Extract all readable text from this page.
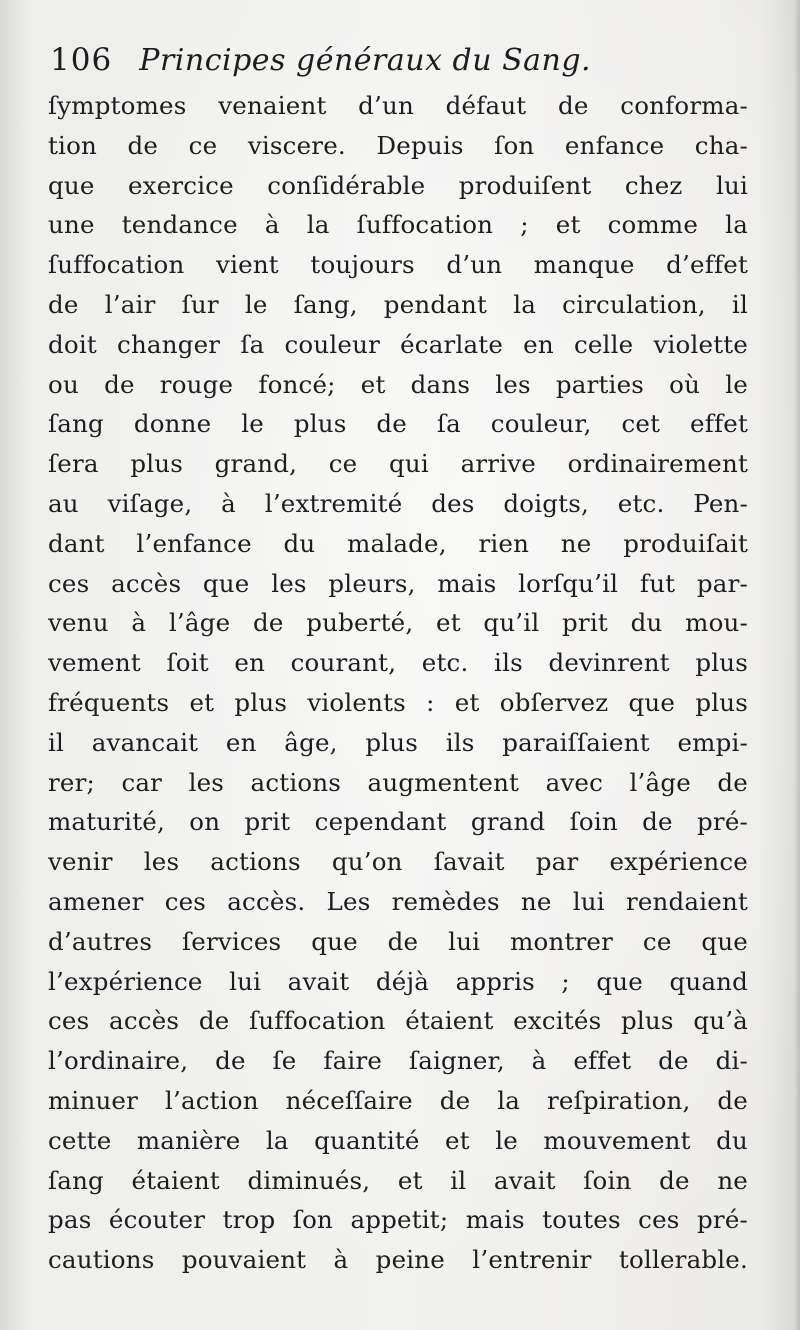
106 Principes généraux du Sang.
ſymptomes venaient d’un défaut de conforma-
tion de ce viscere. Depuis ſon enfance cha-
que exercice conſidérable produiſent chez lui
une tendance à la ſuffocation ; et comme la
ſuffocation vient toujours d’un manque d’effet
de l’air ſur le ſang, pendant la circulation, il
doit changer ſa couleur écarlate en celle violette
ou de rouge foncé; et dans les parties où le
ſang donne le plus de ſa couleur, cet effet
ſera plus grand, ce qui arrive ordinairement
au viſage, à l’extremité des doigts, etc. Pen-
dant l’enfance du malade, rien ne produiſait
ces accès que les pleurs, mais lorſqu’il fut par-
venu à l’âge de puberté, et qu’il prit du mou-
vement ſoit en courant, etc. ils devinrent plus
fréquents et plus violents : et obſervez que plus
il avancait en âge, plus ils paraiſſaient empi-
rer; car les actions augmentent avec l’âge de
maturité, on prit cependant grand ſoin de pré-
venir les actions qu’on ſavait par expérience
amener ces accès. Les remèdes ne lui rendaient
d’autres ſervices que de lui montrer ce que
l’expérience lui avait déjà appris ; que quand
ces accès de ſuffocation étaient excités plus qu’à
l’ordinaire, de ſe faire ſaigner, à effet de di-
minuer l’action néceſſaire de la reſpiration, de
cette manière la quantité et le mouvement du
ſang étaient diminués, et il avait ſoin de ne
pas écouter trop ſon appetit; mais toutes ces pré-
cautions pouvaient à peine l’entrenir tollerable.
